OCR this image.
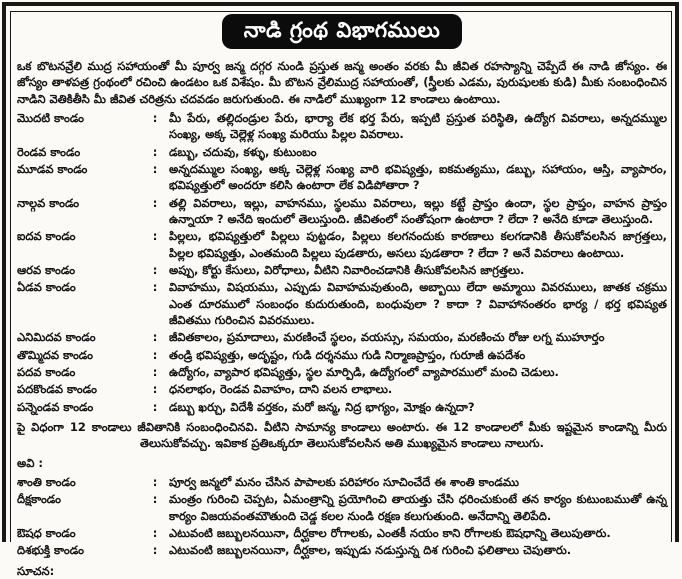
నాడి గ్రంథ విభాగములు

ఒక బొటనవ్రేలి ముద్ర సహాయంతో మీ పూర్వ జన్మ దగ్గర నుండి ప్రస్తుత జన్మ అంతం వరకు మీ జీవిత రహస్యాన్ని చెప్పేదే ఈ నాడి జోస్యం. ఈ జోస్యం తాళపత్ర గ్రంథంలో రచించి ఉండటం ఒక విశేషం. మీ బొటన వ్రేలిముద్ర సహాయంతో, (స్త్రీలకు ఎడమ, పురుషులకు కుడి) మీకు సంబంధించిన నాడిని వెతికితీసి మీ జీవిత చరిత్రను చదవడం జరుగుతుంది. ఈ నాడిలో ముఖ్యంగా 12 కాండాలు ఉంటాయి.

మొదటి కాండం	:	మీ పేరు, తల్లిదండ్రుల పేరు, భార్యా లేక భర్త పేరు, ఇప్పటి ప్రస్తుత పరిస్థితి, ఉద్యోగ వివరాలు, అన్నదమ్ముల సంఖ్య, అక్క చెల్లెళ్ల సంఖ్య మరియు పిల్లల వివరాలు.
రెండవ కాండం	:	డబ్బు, చదువు, కళ్ళు, కుటుంబం
మూడవ కాండం	:	అన్నదమ్ముల సంఖ్య, అక్క చెల్లెళ్ల సంఖ్య వారి భవిష్యత్తు, ఐకమత్యము, డబ్బు, సహాయం, ఆస్తి, వ్యాపారం, భవిష్యత్తులో అందరూ కలిసి ఉంటారా లేక విడిపోతారా ?
నాల్గవ కాండం	:	తల్లి వివరాలు, ఇల్లు, వాహనము, స్థలము వివరాలు, ఇల్లు కట్టే ప్రాప్తం ఉందా, స్థల ప్రాప్తం, వాహన ప్రాప్తం ఉన్నాయా ? అనేది ఇందులో తెలుస్తుంది. జీవితంలో సంతోషంగా ఉంటారా ? లేదా ? అనేది కూడా తెలుస్తుంది.
ఐదవ కాండం	:	పిల్లలు, భవిష్యత్తులో పిల్లలు పుట్టడం, పిల్లలు కలగనందుకు కారణాలు కలగడానికి తీసుకోవలసిన జాగ్రత్తలు, పిల్లల భవిష్యత్తు, ఎంతమంది పిల్లలు పుడతారు, అసలు పుడతారా ? లేదా ? అనే వివరాలు ఉంటాయి.
ఆరవ కాండం	:	అప్పు, కోర్టు కేసులు, విరోధాలు, వీటిని నివారించడానికి తీసుకోవలసిన జాగ్రత్తలు.
ఏడవ కాండం	:	వివాహము, విషయము, ఎప్పుడు వివాహమవుతుంది, అబ్బాయి లేదా అమ్మాయి వివరములు, జాతక చక్రము ఎంత దూరములో సంబంధం కుదురుతుంది, బంధువులా ? కాదా ? వివాహానంతరం భార్య / భర్త భవిష్యత జీవితము గురించిన వివరములు.
ఎనిమిదవ కాండం	:	జీవితకాలం, ప్రమాదాలు, మరణించే స్థలం, వయస్సు, సమయం, మరణించు రోజు లగ్న ముహూర్తం
తొమ్మిదవ కాండం	:	తండ్రి భవిష్యత్తు, అదృష్టం, గుడి దర్శనము గుడి నిర్మాణప్రాప్తం, గురూజీ ఉపదేశం
పదవ కాండం	:	ఉద్యోగం, వ్యాపార భవిష్యత్తు, స్థల మార్పిడి, ఉద్యోగంలో వ్యాపారములో మంచి చెడులు.
పదకొండవ కాండం	:	ధనలాభం, రెండవ వివాహం, దాని వలన లాభాలు.
పన్నెండవ కాండం	:	డబ్బు ఖర్చు, విదేశీ వర్తకం, మరో జన్మ, నిద్ర భాగ్యం, మోక్షం ఉన్నదా?

పై విధంగా 12 కాండాలు జీవితానికి సంబంధించినవి. వీటిని సామాన్య కాండాలు అంటారు. ఈ 12 కాండాలలో మీకు ఇష్టమైన కాండాన్ని మీరు తెలుసుకోవచ్చు. ఇవికాక ప్రతిఒక్కరూ తెలుసుకోవలసిన అతి ముఖ్యమైన కాండాలు నాలుగు.

అవి :
శాంతి కాండం	:	పూర్వ జన్మలో మనం చేసిన పాపాలకు పరిహారం సూచించేదే ఈ శాంతి కాండము
దీక్షకాండం	:	మంత్రం గురించి చెప్పట, ఏమంత్రాన్ని ప్రయోగించి తాయత్తు చేసి ధరించుకుంటే తన కార్యం కుటుంబముతో ఉన్న కార్యం విజయవంతమౌతుంది చెడ్డ కలల నుండి రక్షణ కలుగుతుంది. అనేదాన్ని తెలిపేది.
ఔషధ కాండం	:	ఎటువంటి జబ్బులనయినా, దీర్ఘకాల రోగాలకు, ఎంతకీ నయం కాని రోగాలకు ఔషధాన్ని తెలుపుతారు.
దిశభుక్తి కాండం	:	ఎటువంటి జబ్బులనయినా, దీర్ఘకాల, ఇప్పుడు నడుస్తున్న దిశ గురించి ఫలితాలు చెపుతారు.
సూచన:
